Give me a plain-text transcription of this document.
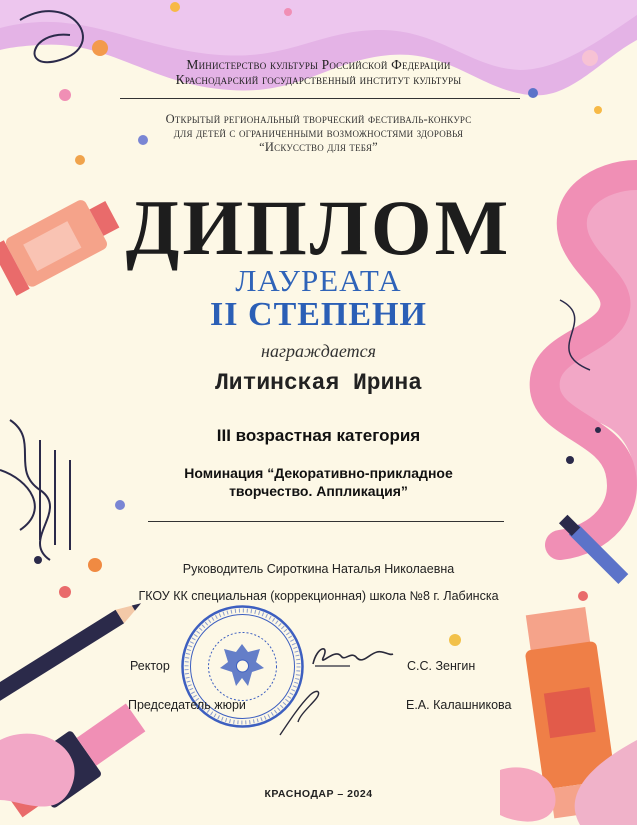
Министерство культуры Российской Федерации
Краснодарский государственный институт культуры
Открытый региональный творческий фестиваль-конкурс
для детей с ограниченными возможностями здоровья
“Искусство для тебя”
ДИПЛОМ
ЛАУРЕАТА
II СТЕПЕНИ
награждается
Литинская Ирина
III возрастная категория
Номинация “Декоративно-прикладное
творчество. Аппликация”
Руководитель Сироткина Наталья Николаевна
ГКОУ КК специальная (коррекционная) школа №8 г. Лабинска
Ректор	С.С. Зенгин
Председатель жюри	Е.А. Калашникова
КРАСНОДАР – 2024
